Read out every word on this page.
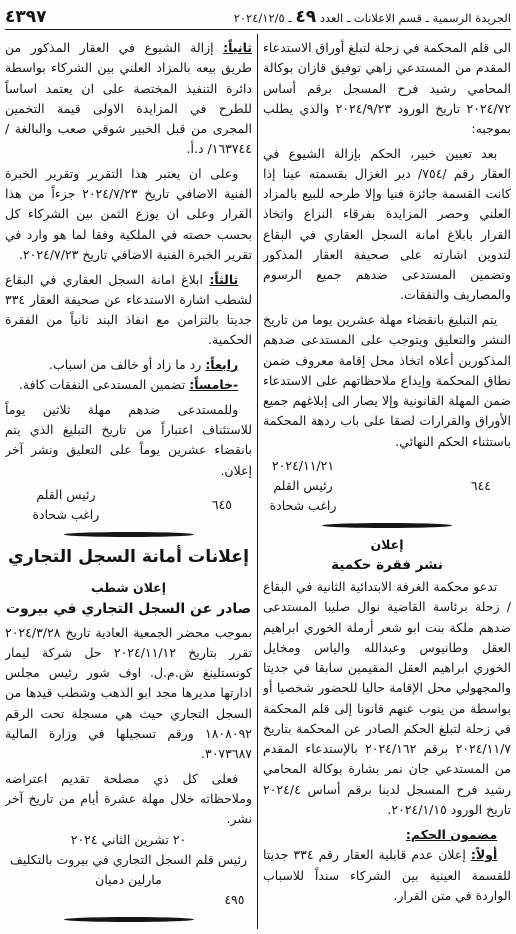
الجريدة الرسمية ـ قسم الاعلانات ـ العدد ٤٩ ـ ٢٠٢٤/١٢/٥
٤٣٩٧

الى قلم المحكمة في زحلة لتبلغ أوراق الاستدعاء المقدم من المستدعي زاهي توفيق قازان بوكالة المحامي رشيد فرح المسجل برقم أساس ٢٠٢٤/٧٢ تاريخ الورود ٢٠٢٤/٩/٢٣ والذي يطلب بموجبه:

بعد تعيين خبير، الحكم بإزالة الشيوع في العقار رقم /٧٥٤/ دير الغزال بقسمته عينا إذا كانت القسمة جائزة فنيا وإلا طرحه للبيع بالمزاد العلني وحصر المزايدة بفرقاء النزاع واتخاذ القرار بابلاغ امانة السجل العقاري في البقاع لتدوين اشارته على صحيفة العقار المذكور وتضمين المستدعى ضدهم جميع الرسوم والمصاريف والنفقات.

يتم التبليغ بانقضاء مهلة عشرين يوما من تاريخ النشر والتعليق ويتوجب على المستدعى ضدهم المذكورين أعلاه اتخاذ محل إقامة معروف ضمن نطاق المحكمة وإيداع ملاحظاتهم على الاستدعاء ضمن المهلة القانونية وإلا يصار الى إبلاغهم جميع الأوراق والقرارات لصقا على باب ردهة المحكمة باستثناء الحكم النهائي.

٦٤٤
٢٠٢٤/١١/٢١
رئيس القلم
راغب شحادة
إعلان
نشر فقرة حكمية

تدعو محكمة الغرفة الابتدائية الثانية في البقاع / زحلة برئاسة القاضية نوال صليبا المستدعى ضدهم ملكة بنت ابو شعر أرملة الخوري ابراهيم العقل وطانيوس وعبدالله والياس ومخايل الخوري ابراهيم العقل المقيمين سابقا في جديتا والمجهولي محل الإقامة حاليا للحضور شخصيا أو بواسطة من ينوب عنهم قانونا إلى قلم المحكمة في زحلة لتبلغ الحكم الصادر عن المحكمة بتاريخ ٢٠٢٤/١١/٧ برقم ٢٠٢٤/١٦٢ بالإستدعاء المقدم من المستدعي جان نمر بشارة بوكالة المحامي رشيد فرح المسجل لدينا برقم أساس ٢٠٢٤/٤ تاريخ الورود ٢٠٢٤/١/١٥.

مضمون الحكم:

أولاً: إعلان عدم قابلية العقار رقم ٣٣٤ جديتا للقسمة العينية بين الشركاء سنداً للاسباب الواردة في متن القرار.

ثانياً: إزالة الشيوع في العقار المذكور من طريق بيعه بالمزاد العلني بين الشركاء بواسطة دائرة التنفيذ المختصة على ان يعتمد اساساً للطرح في المزايدة الاولى قيمة التخمين المجرى من قبل الخبير شوقي صعب والبالغة /١٦٣٧٤٤/ د.أ.

وعلى ان يعتبر هذا التقرير وتقرير الخبرة الفنية الاضافي تاريخ ٢٠٢٤/٧/٢٣ جزءاً من هذا القرار وعلى ان يوزع الثمن بين الشركاء كل بحسب حصته في الملكية وفقا لما هو وارد في تقرير الخبرة الفنية الاضافي تاريخ ٢٠٢٤/٧/٢٣.

ثالثاً: ابلاغ امانة السجل العقاري في البقاع لشطب اشارة الاستدعاء عن صحيفة العقار ٣٣٤ جديتا بالتزامن مع انفاذ البند ثانياً من الفقرة الحكمية.

رابعاً: رد ما زاد أو خالف من اسباب.

-خامساً: تضمين المستدعى النفقات كافة.

وللمستدعى ضدهم مهلة ثلاثين يوماً للاستئناف اعتباراً من تاريخ التبليغ الذي يتم بانقضاء عشرين يوماً على التعليق ونشر آخر إعلان.

٦٤٥
رئيس القلم
راغب شحادة
إعلانات أمانة السجل التجاري
إعلان شطب
صادر عن السجل التجاري في بيروت

بموجب محضر الجمعية العادية تاريخ ٢٠٢٤/٣/٢٨ تقرر بتاريخ ٢٠٢٤/١١/١٢ حل شركة ليمار كونستلينغ ش.م.ل. اوف شور رئيس مجلس ادارتها مديرها مجد ابو الذهب وشطب قيدها من السجل التجاري حيث هي مسجلة تحت الرقم ١٨٠٨٠٩٢ ورقم تسجيلها في وزارة المالية ٣٠٧٣٦٨٧.

فعلى كل ذي مصلحة تقديم اعتراضه وملاحظاته خلال مهلة عشرة أيام من تاريخ آخر نشر.

٢٠ تشرين الثاني ٢٠٢٤
رئيس قلم السجل التجاري في بيروت بالتكليف
مارلين دميان
٤٩٥
